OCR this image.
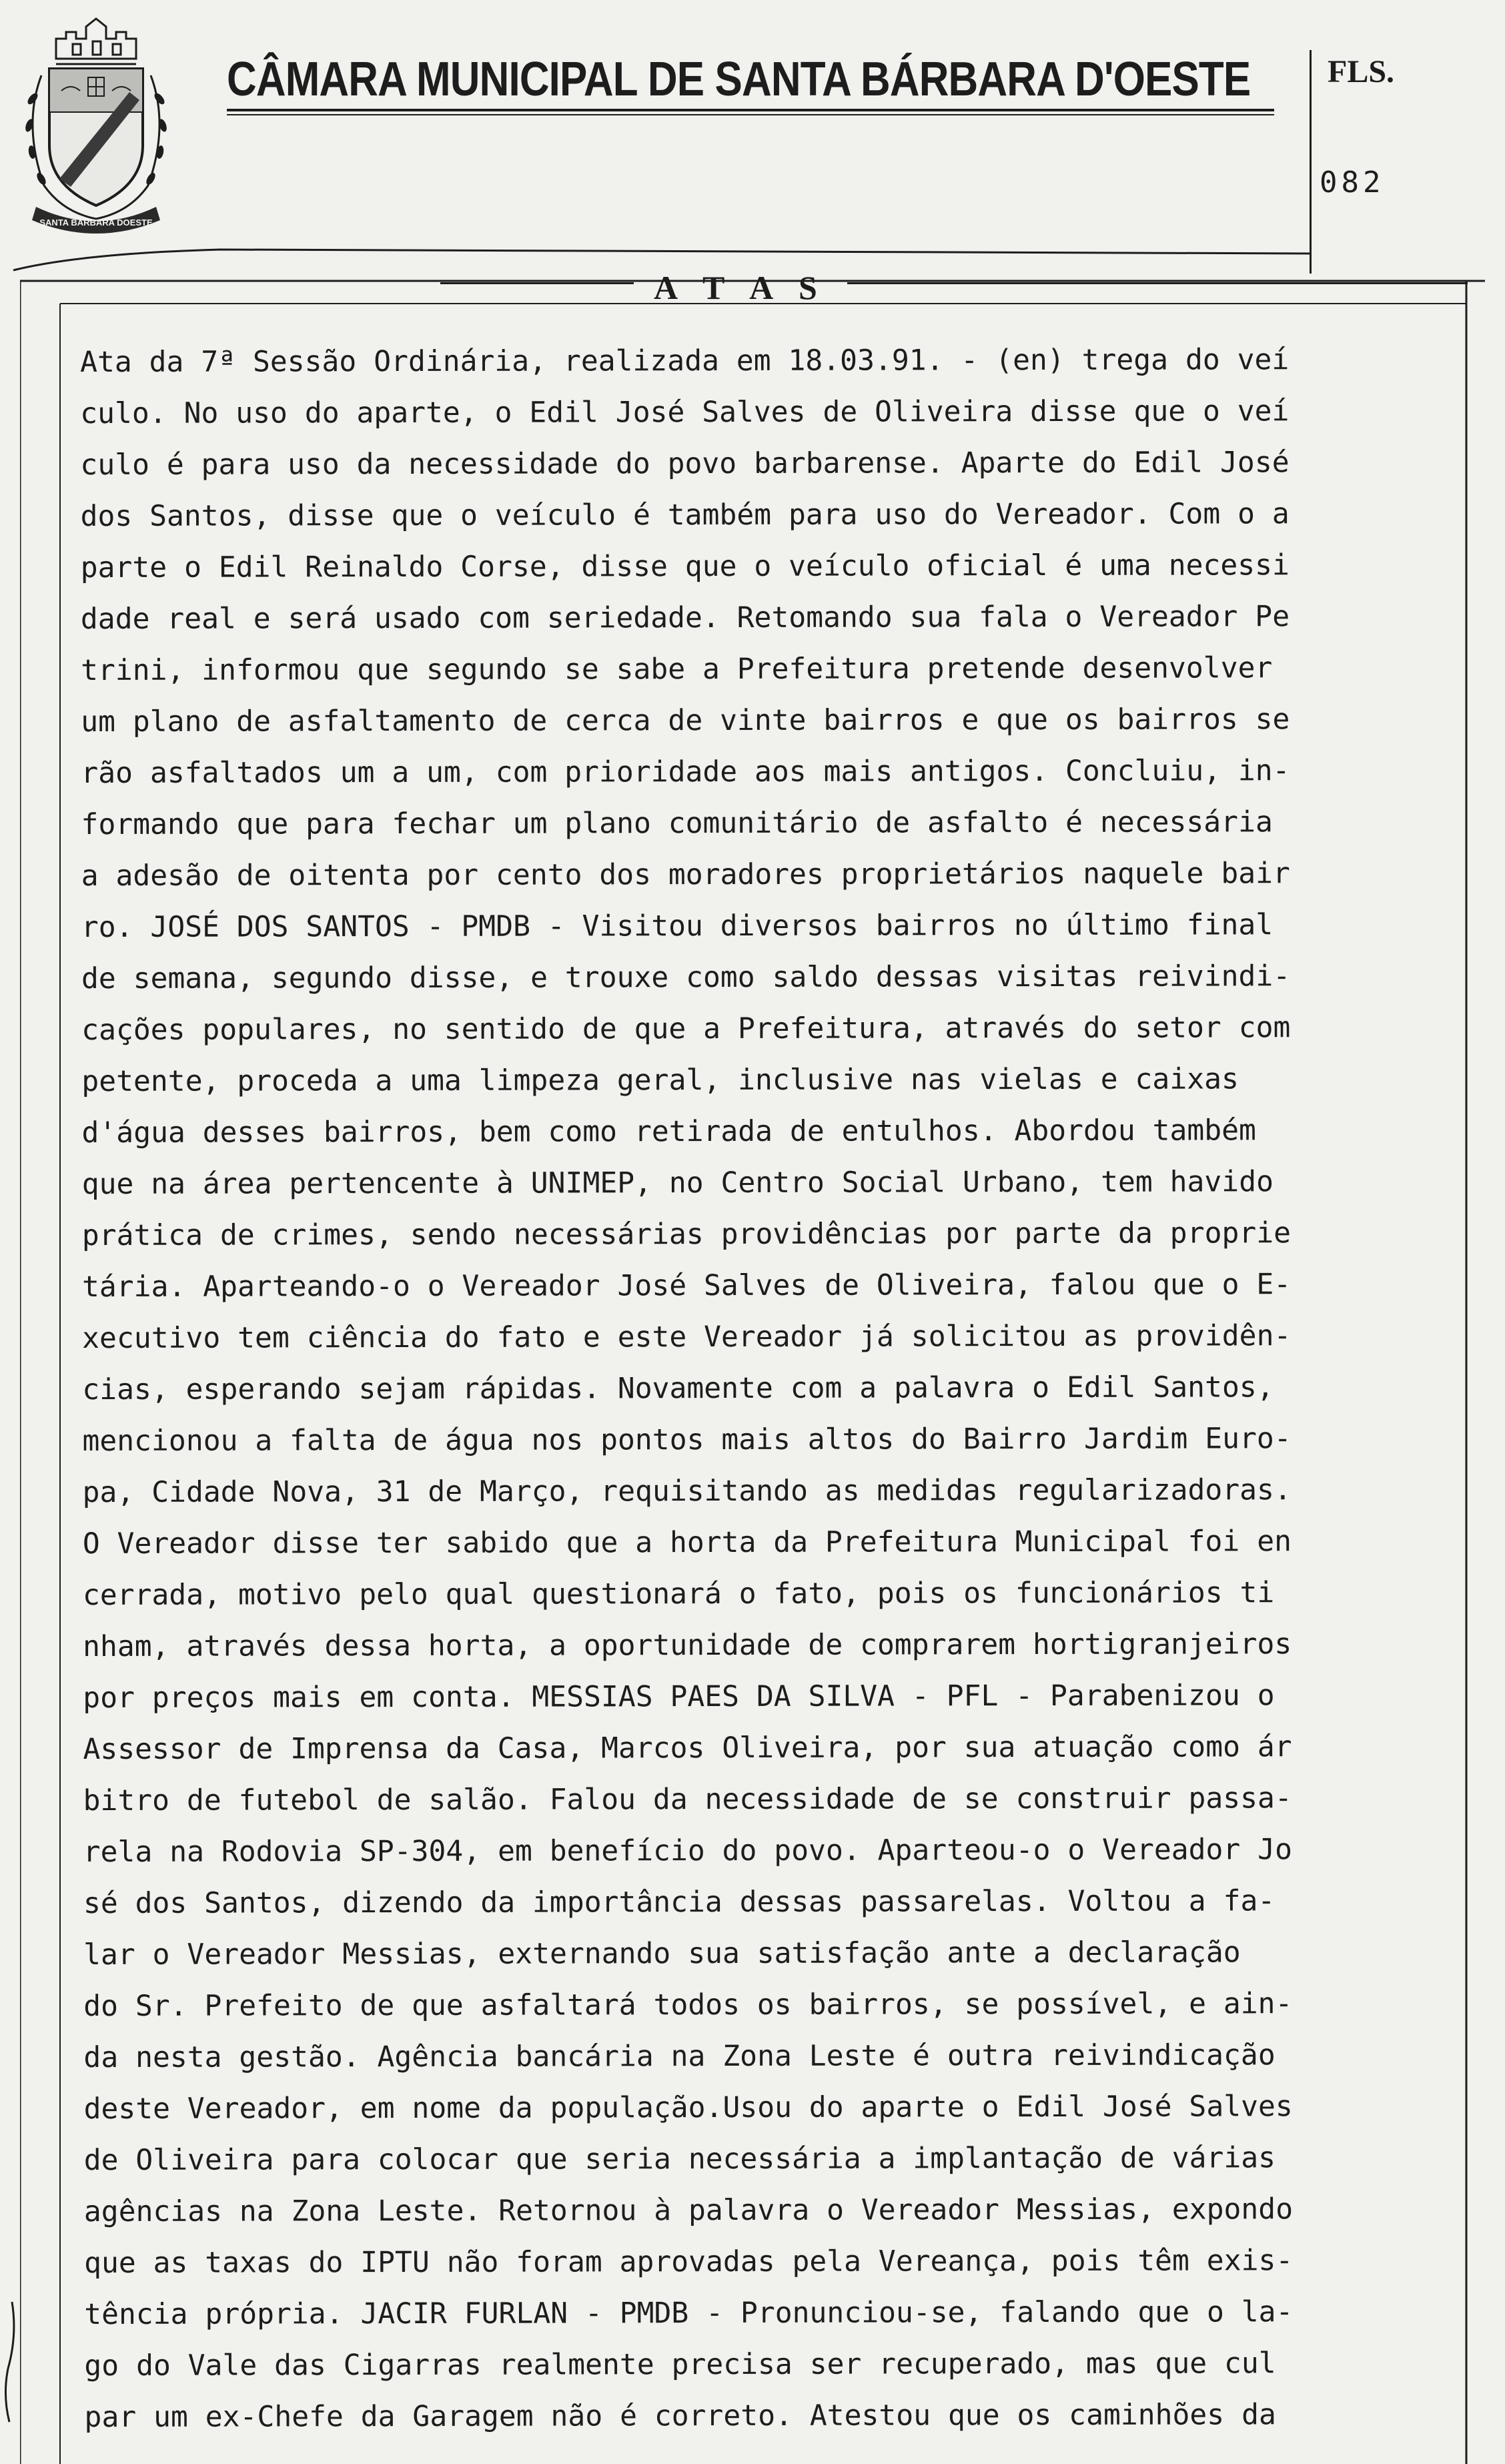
SANTA BARBARA DOESTE
CÂMARA MUNICIPAL DE SANTA BÁRBARA D'OESTE FLS.
082
A T A S
Ata da 7ª Sessão Ordinária, realizada em 18.03.91. - (en) trega do veí
culo. No uso do aparte, o Edil José Salves de Oliveira disse que o veí
culo é para uso da necessidade do povo barbarense. Aparte do Edil José
dos Santos, disse que o veículo é também para uso do Vereador. Com o a
parte o Edil Reinaldo Corse, disse que o veículo oficial é uma necessi
dade real e será usado com seriedade. Retomando sua fala o Vereador Pe
trini, informou que segundo se sabe a Prefeitura pretende desenvolver
um plano de asfaltamento de cerca de vinte bairros e que os bairros se
rão asfaltados um a um, com prioridade aos mais antigos. Concluiu, in-
formando que para fechar um plano comunitário de asfalto é necessária
a adesão de oitenta por cento dos moradores proprietários naquele bair
ro. JOSÉ DOS SANTOS - PMDB - Visitou diversos bairros no último final
de semana, segundo disse, e trouxe como saldo dessas visitas reivindi-
cações populares, no sentido de que a Prefeitura, através do setor com
petente, proceda a uma limpeza geral, inclusive nas vielas e caixas
d'água desses bairros, bem como retirada de entulhos. Abordou também
que na área pertencente à UNIMEP, no Centro Social Urbano, tem havido
prática de crimes, sendo necessárias providências por parte da proprie
tária. Aparteando-o o Vereador José Salves de Oliveira, falou que o E-
xecutivo tem ciência do fato e este Vereador já solicitou as providên-
cias, esperando sejam rápidas. Novamente com a palavra o Edil Santos,
mencionou a falta de água nos pontos mais altos do Bairro Jardim Euro-
pa, Cidade Nova, 31 de Março, requisitando as medidas regularizadoras.
O Vereador disse ter sabido que a horta da Prefeitura Municipal foi en
cerrada, motivo pelo qual questionará o fato, pois os funcionários ti
nham, através dessa horta, a oportunidade de comprarem hortigranjeiros
por preços mais em conta. MESSIAS PAES DA SILVA - PFL - Parabenizou o
Assessor de Imprensa da Casa, Marcos Oliveira, por sua atuação como ár
bitro de futebol de salão. Falou da necessidade de se construir passa-
rela na Rodovia SP-304, em benefício do povo. Aparteou-o o Vereador Jo
sé dos Santos, dizendo da importância dessas passarelas. Voltou a fa-
lar o Vereador Messias, externando sua satisfação ante a declaração
do Sr. Prefeito de que asfaltará todos os bairros, se possível, e ain-
da nesta gestão. Agência bancária na Zona Leste é outra reivindicação
deste Vereador, em nome da população.Usou do aparte o Edil José Salves
de Oliveira para colocar que seria necessária a implantação de várias
agências na Zona Leste. Retornou à palavra o Vereador Messias, expondo
que as taxas do IPTU não foram aprovadas pela Vereança, pois têm exis-
tência própria. JACIR FURLAN - PMDB - Pronunciou-se, falando que o la-
go do Vale das Cigarras realmente precisa ser recuperado, mas que cul
par um ex-Chefe da Garagem não é correto. Atestou que os caminhões da
